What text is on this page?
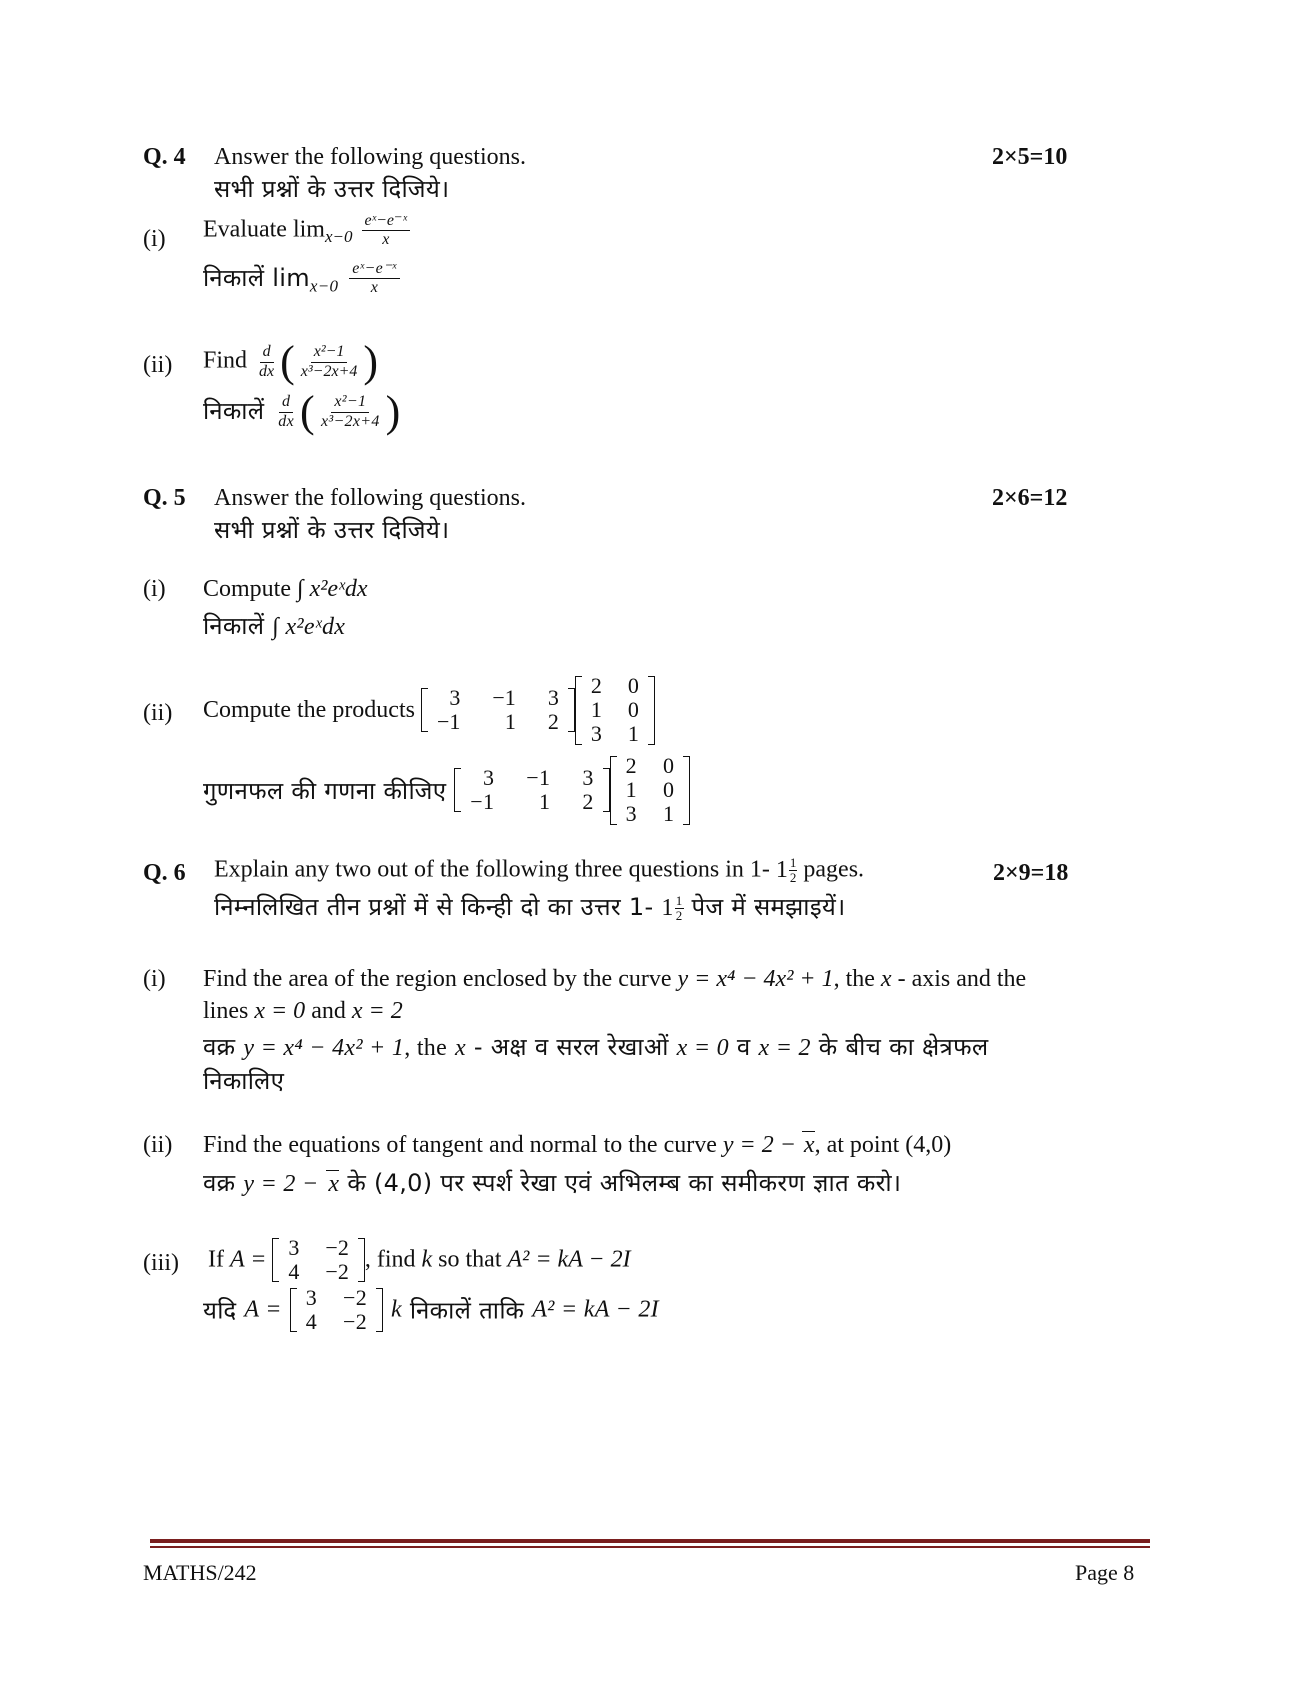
Q. 4 Answer the following questions.
सभी प्रश्नों के उत्तर दिजिये।
2×5=10
(i) Evaluate $\lim_{x-0} \frac{\text{eˣ−e⁻ˣ}}{x}$
निकालें $\lim_{x-0} \frac{\text{eˣ−e⁻ˣ}}{x}$
(ii) Find $\frac{d}{dx}$ ( $\frac{\text{x²−1}}{\text{x³−2x+4}}$ )
निकालें $\frac{d}{dx}$ ( $\frac{\text{x²−1}}{\text{x³−2x+4}}$ )
Q. 5 Answer the following questions.
सभी प्रश्नों के उत्तर दिजिये।
2×6=12
(i) Compute ∫ x²eˣdx
निकालें ∫ x²eˣdx
(ii) Compute the products 3	−1	3
−1	1	2
2	0
1	0
3	1
गुणनफल की गणना कीजिए 3	−1	3
−1	1	2
2	0
1	0
3	1
Q. 6 Explain any two out of the following three questions in 1- $1 \frac{1}{2}$ pages.
निम्नलिखित तीन प्रश्नों में से किन्ही दो का उत्तर 1- $1 \frac{1}{2}$ पेज में समझाइयें।
2×9=18
(i) Find the area of the region enclosed by the curve y = x⁴ − 4x² + 1, the x - axis and the
lines x = 0 and x = 2
वक्र y = x⁴ − 4x² + 1, the x - अक्ष व सरल रेखाओं x = 0 व x = 2 के बीच का क्षेत्रफल
निकालिए
(ii) Find the equations of tangent and normal to the curve y = 2 − x, at point (4,0)
वक्र y = 2 − x के (4,0) पर स्पर्श रेखा एवं अभिलम्ब का समीकरण ज्ञात करो।
(iii) If A = 3	−2
4	−2 , find k so that A² = kA − 2I
यदि A = 3	−2
4	−2 k निकालें ताकि A² = kA − 2I
MATHS/242	Page 8
